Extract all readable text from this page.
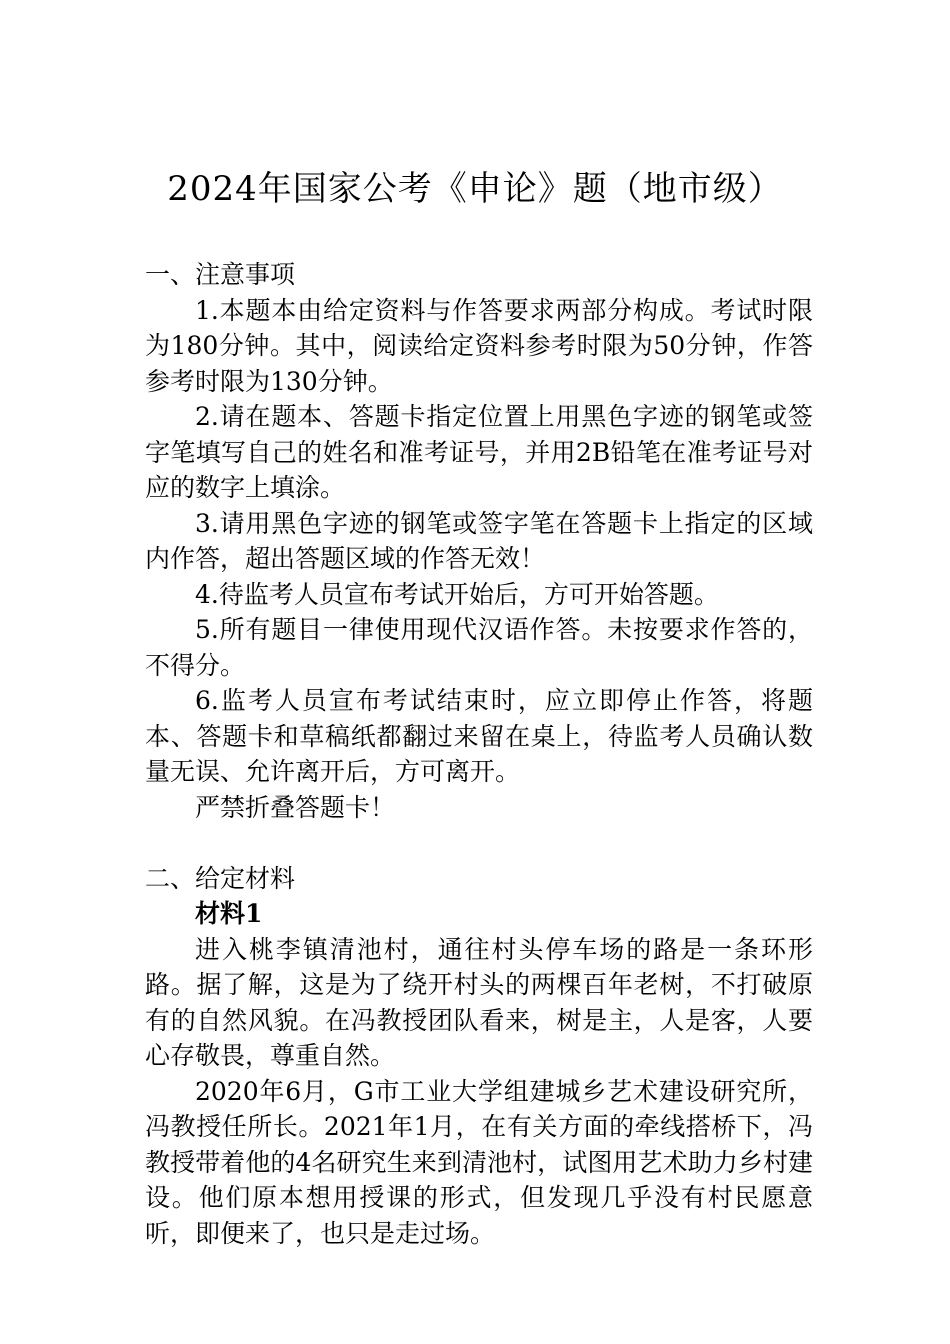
2024年国家公考《申论》题（地市级）

一、注意事项

1.本题本由给定资料与作答要求两部分构成。考试时限为180分钟。其中，阅读给定资料参考时限为50分钟，作答参考时限为130分钟。

2.请在题本、答题卡指定位置上用黑色字迹的钢笔或签字笔填写自己的姓名和准考证号，并用2B铅笔在准考证号对应的数字上填涂。

3.请用黑色字迹的钢笔或签字笔在答题卡上指定的区域内作答，超出答题区域的作答无效！

4.待监考人员宣布考试开始后，方可开始答题。

5.所有题目一律使用现代汉语作答。未按要求作答的，不得分。

6.监考人员宣布考试结束时，应立即停止作答，将题本、答题卡和草稿纸都翻过来留在桌上，待监考人员确认数量无误、允许离开后，方可离开。

严禁折叠答题卡！

二、给定材料

材料1

进入桃李镇清池村，通往村头停车场的路是一条环形路。据了解，这是为了绕开村头的两棵百年老树，不打破原有的自然风貌。在冯教授团队看来，树是主，人是客，人要心存敬畏，尊重自然。

2020年6月，G市工业大学组建城乡艺术建设研究所，冯教授任所长。2021年1月，在有关方面的牵线搭桥下，冯教授带着他的4名研究生来到清池村，试图用艺术助力乡村建设。他们原本想用授课的形式，但发现几乎没有村民愿意听，即便来了，也只是走过场。
